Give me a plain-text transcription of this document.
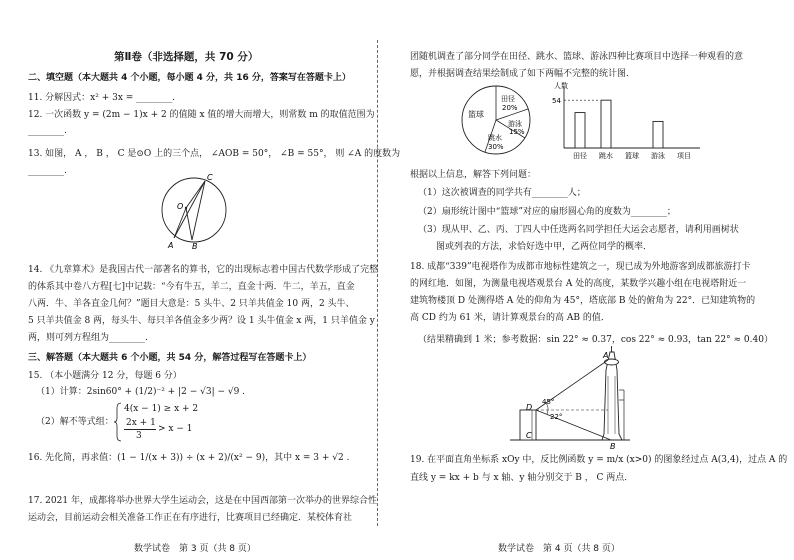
第Ⅱ卷（非选择题，共 70 分）
二、填空题（本大题共 4 个小题，每小题 4 分，共 16 分，答案写在答题卡上）
11. 分解因式：x² + 3x = ________.
12. 一次函数 y = (2m − 1)x + 2 的值随 x 值的增大而增大，则常数 m 的取值范围为
________.
13. 如图， A ， B ， C 是⊙O 上的三个点， ∠AOB = 50°， ∠B = 55°， 则 ∠A 的度数为
________.
O
A B
C
14. 《九章算术》是我国古代一部著名的算书，它的出现标志着中国古代数学形成了完整
的体系其中卷八方程[七]中记载：“今有牛五，羊二，直金十两．牛二，羊五，直金
八两．牛、羊各直金几何？”题目大意是：5 头牛、2 只羊共值金 10 两，2 头牛、
5 只羊共值金 8 两，每头牛、每只羊各值金多少两？设 1 头牛值金 x 两，1 只羊值金 y
两，则可列方程组为________.
三、解答题（本大题共 6 个小题，共 54 分，解答过程写在答题卡上）
15. （本小题满分 12 分，每题 6 分）
（1）计算：2sin60° + (1/2)⁻² + |2 − √3| − √9 .
（2）解不等式组：
4(x − 1) ≥ x + 2
2x + 1
> x − 1
3
16. 先化简，再求值：(1 − 1/(x + 3)) ÷ (x + 2)/(x² − 9)，其中 x = 3 + √2 .
17. 2021 年，成都将举办世界大学生运动会，这是在中国西部第一次举办的世界综合性
运动会，目前运动会相关准备工作正在有序进行，比赛项目已经确定．某校体育社
数学试卷　第 3 页（共 8 页）
团随机调查了部分同学在田径、跳水、篮球、游泳四种比赛项目中选择一种观看的意
愿，并根据调查结果绘制成了如下两幅不完整的统计图．
篮球
田径
20%
游泳
15%
跳水
30%
人数
54
田径 跳水 篮球 游泳 项目
根据以上信息，解答下列问题：
（1）这次被调查的同学共有________人；
（2）扇形统计图中“篮球”对应的扇形圆心角的度数为________；
（3）现从甲、乙、丙、丁四人中任选两名同学担任大运会志愿者，请利用画树状
图或列表的方法，求恰好选中甲，乙两位同学的概率．
18. 成都“339”电视塔作为成都市地标性建筑之一，现已成为外地游客到成都旅游打卡
的网红地．如图，为测量电视塔观景台 A 处的高度，某数学兴趣小组在电视塔附近一
建筑物楼顶 D 处测得塔 A 处的仰角为 45°，塔底部 B 处的俯角为 22°．已知建筑物的
高 CD 约为 61 米，请计算观景台的高 AB 的值．
（结果精确到 1 米；参考数据：sin 22° ≈ 0.37，cos 22° ≈ 0.93，tan 22° ≈ 0.40）
A
D
C
B
45°
22°
19. 在平面直角坐标系 xOy 中，反比例函数 y = m/x (x>0) 的图象经过点 A(3,4)，过点 A 的
直线 y = kx + b 与 x 轴、y 轴分别交于 B ， C 两点．
数学试卷　第 4 页（共 8 页）
